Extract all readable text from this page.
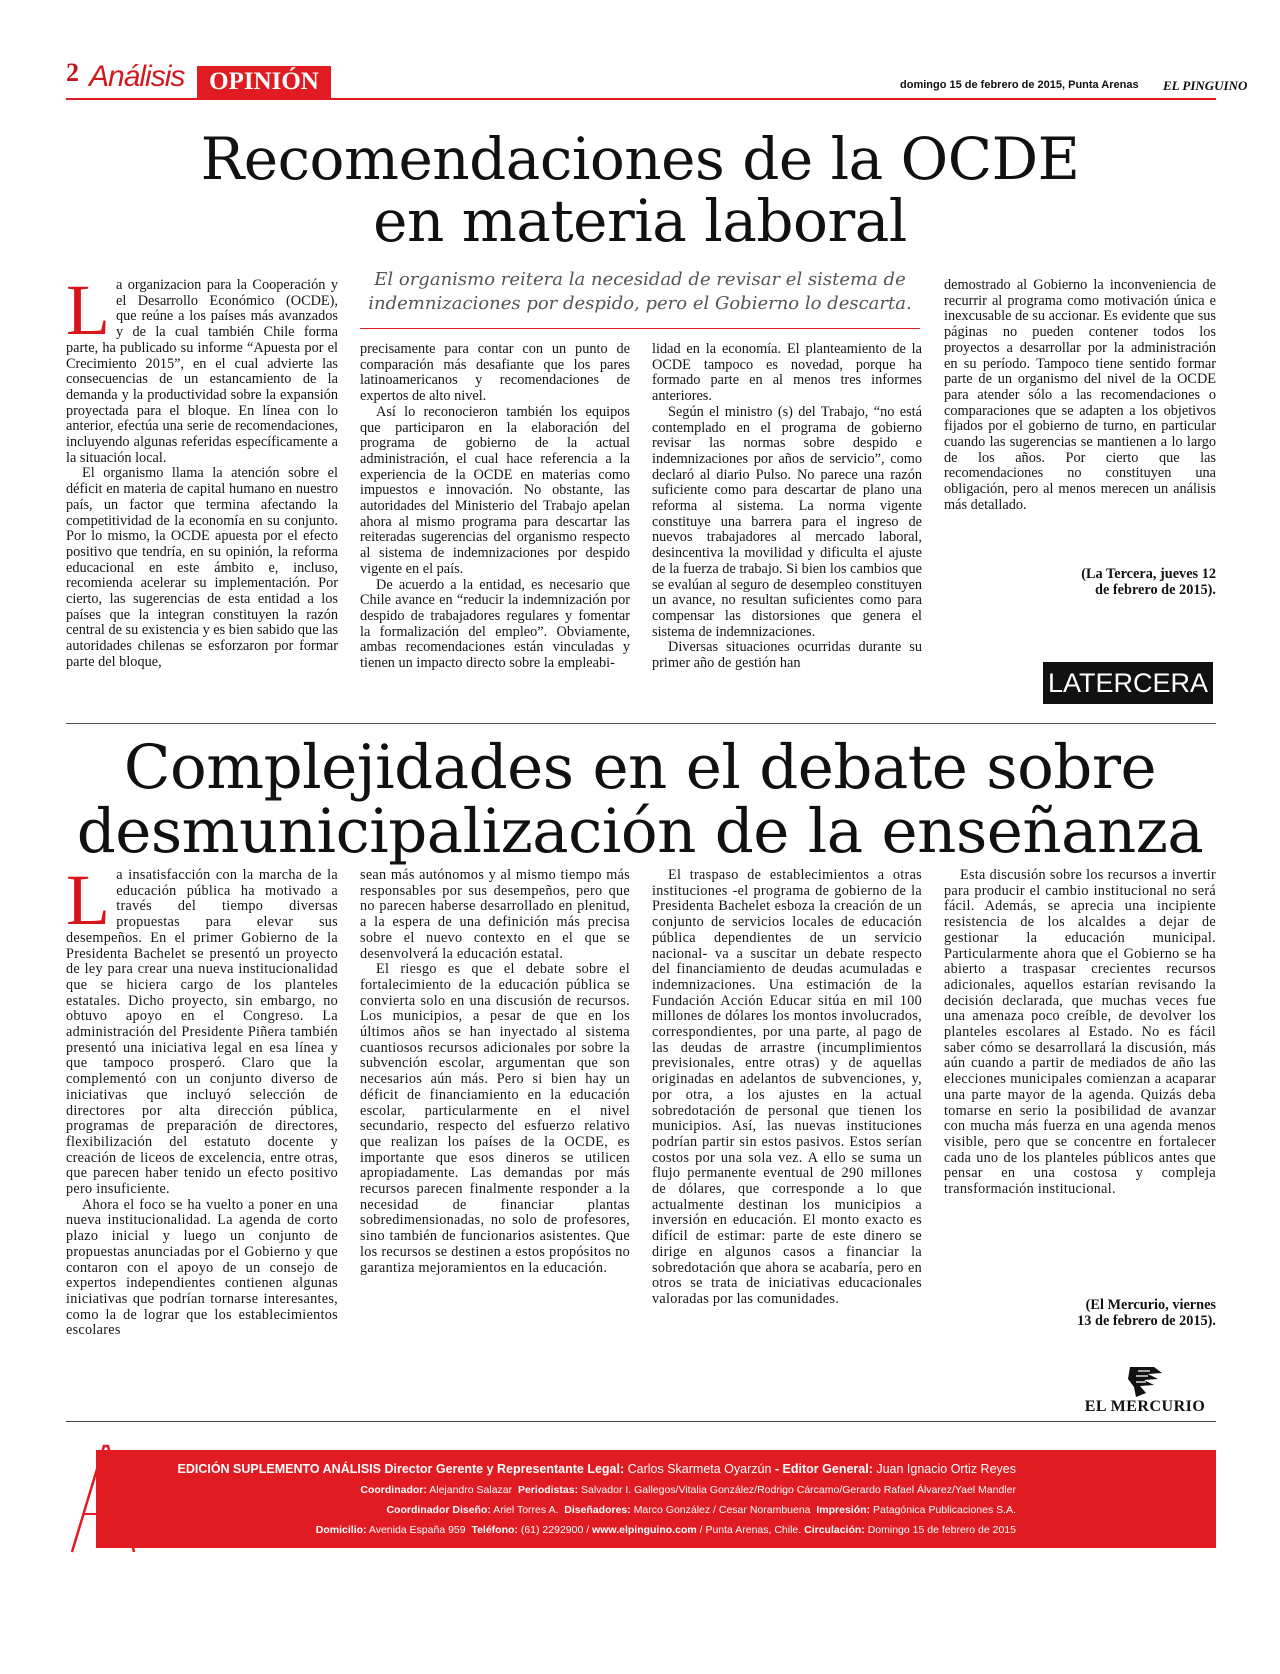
2 Análisis OPINIÓN	domingo 15 de febrero de 2015, Punta Arenas EL PINGUINO
Recomendaciones de la OCDE
en materia laboral
El organismo reitera la necesidad de revisar el sistema de indemnizaciones por despido, pero el Gobierno lo descarta.

La organizacion para la Cooperación y el Desarrollo Económico (OCDE), que reúne a los países más avanzados y de la cual también Chile forma parte, ha publicado su informe “Apuesta por el Crecimiento 2015”, en el cual advierte las consecuencias de un estancamiento de la demanda y la productividad sobre la expansión proyectada para el bloque. En línea con lo anterior, efectúa una serie de recomendaciones, incluyendo algunas referidas específicamente a la situación local.

El organismo llama la atención sobre el déficit en materia de capital humano en nuestro país, un factor que termina afectando la competitividad de la economía en su conjunto. Por lo mismo, la OCDE apuesta por el efecto positivo que tendría, en su opinión, la reforma educacional en este ámbito e, incluso, recomienda acelerar su implementación. Por cierto, las sugerencias de esta entidad a los países que la integran constituyen la razón central de su existencia y es bien sabido que las autoridades chilenas se esforzaron por formar parte del bloque,

precisamente para contar con un punto de comparación más desafiante que los pares latinoamericanos y recomendaciones de expertos de alto nivel.

Así lo reconocieron también los equipos que participaron en la elaboración del programa de gobierno de la actual administración, el cual hace referencia a la experiencia de la OCDE en materias como impuestos e innovación. No obstante, las autoridades del Ministerio del Trabajo apelan ahora al mismo programa para descartar las reiteradas sugerencias del organismo respecto al sistema de indemnizaciones por despido vigente en el país.

De acuerdo a la entidad, es necesario que Chile avance en “reducir la indemnización por despido de trabajadores regulares y fomentar la formalización del empleo”. Obviamente, ambas recomendaciones están vinculadas y tienen un impacto directo sobre la empleabi-

lidad en la economía. El planteamiento de la OCDE tampoco es novedad, porque ha formado parte en al menos tres informes anteriores.

Según el ministro (s) del Trabajo, “no está contemplado en el programa de gobierno revisar las normas sobre despido e indemnizaciones por años de servicio”, como declaró al diario Pulso. No parece una razón suficiente como para descartar de plano una reforma al sistema. La norma vigente constituye una barrera para el ingreso de nuevos trabajadores al mercado laboral, desincentiva la movilidad y dificulta el ajuste de la fuerza de trabajo. Si bien los cambios que se evalúan al seguro de desempleo constituyen un avance, no resultan suficientes como para compensar las distorsiones que genera el sistema de indemnizaciones.

Diversas situaciones ocurridas durante su primer año de gestión han

demostrado al Gobierno la inconveniencia de recurrir al programa como motivación única e inexcusable de su accionar. Es evidente que sus páginas no pueden contener todos los proyectos a desarrollar por la administración en su período. Tampoco tiene sentido formar parte de un organismo del nivel de la OCDE para atender sólo a las recomendaciones o comparaciones que se adapten a los objetivos fijados por el gobierno de turno, en particular cuando las sugerencias se mantienen a lo largo de los años. Por cierto que las recomendaciones no constituyen una obligación, pero al menos merecen un análisis más detallado.

(La Tercera, jueves 12
de febrero de 2015).
LATERCERA
Complejidades en el debate sobre
desmunicipalización de la enseñanza

La insatisfacción con la marcha de la educación pública ha motivado a través del tiempo diversas propuestas para elevar sus desempeños. En el primer Gobierno de la Presidenta Bachelet se presentó un proyecto de ley para crear una nueva institucionalidad que se hiciera cargo de los planteles estatales. Dicho proyecto, sin embargo, no obtuvo apoyo en el Congreso. La administración del Presidente Piñera también presentó una iniciativa legal en esa línea y que tampoco prosperó. Claro que la complementó con un conjunto diverso de iniciativas que incluyó selección de directores por alta dirección pública, programas de preparación de directores, flexibilización del estatuto docente y creación de liceos de excelencia, entre otras, que parecen haber tenido un efecto positivo pero insuficiente.

Ahora el foco se ha vuelto a poner en una nueva institucionalidad. La agenda de corto plazo inicial y luego un conjunto de propuestas anunciadas por el Gobierno y que contaron con el apoyo de un consejo de expertos independientes contienen algunas iniciativas que podrían tornarse interesantes, como la de lograr que los establecimientos escolares

sean más autónomos y al mismo tiempo más responsables por sus desempeños, pero que no parecen haberse desarrollado en plenitud, a la espera de una definición más precisa sobre el nuevo contexto en el que se desenvolverá la educación estatal.

El riesgo es que el debate sobre el fortalecimiento de la educación pública se convierta solo en una discusión de recursos. Los municipios, a pesar de que en los últimos años se han inyectado al sistema cuantiosos recursos adicionales por sobre la subvención escolar, argumentan que son necesarios aún más. Pero si bien hay un déficit de financiamiento en la educación escolar, particularmente en el nivel secundario, respecto del esfuerzo relativo que realizan los países de la OCDE, es importante que esos dineros se utilicen apropiadamente. Las demandas por más recursos parecen finalmente responder a la necesidad de financiar plantas sobredimensionadas, no solo de profesores, sino también de funcionarios asistentes. Que los recursos se destinen a estos propósitos no garantiza mejoramientos en la educación.

El traspaso de establecimientos a otras instituciones -el programa de gobierno de la Presidenta Bachelet esboza la creación de un conjunto de servicios locales de educación pública dependientes de un servicio nacional- va a suscitar un debate respecto del financiamiento de deudas acumuladas e indemnizaciones. Una estimación de la Fundación Acción Educar sitúa en mil 100 millones de dólares los montos involucrados, correspondientes, por una parte, al pago de las deudas de arrastre (incumplimientos previsionales, entre otras) y de aquellas originadas en adelantos de subvenciones, y, por otra, a los ajustes en la actual sobredotación de personal que tienen los municipios. Así, las nuevas instituciones podrían partir sin estos pasivos. Estos serían costos por una sola vez. A ello se suma un flujo permanente eventual de 290 millones de dólares, que corresponde a lo que actualmente destinan los municipios a inversión en educación. El monto exacto es difícil de estimar: parte de este dinero se dirige en algunos casos a financiar la sobredotación que ahora se acabaría, pero en otros se trata de iniciativas educacionales valoradas por las comunidades.

Esta discusión sobre los recursos a invertir para producir el cambio institucional no será fácil. Además, se aprecia una incipiente resistencia de los alcaldes a dejar de gestionar la educación municipal. Particularmente ahora que el Gobierno se ha abierto a traspasar crecientes recursos adicionales, aquellos estarían revisando la decisión declarada, que muchas veces fue una amenaza poco creíble, de devolver los planteles escolares al Estado. No es fácil saber cómo se desarrollará la discusión, más aún cuando a partir de mediados de año las elecciones municipales comienzan a acaparar una parte mayor de la agenda. Quizás deba tomarse en serio la posibilidad de avanzar con mucha más fuerza en una agenda menos visible, pero que se concentre en fortalecer cada uno de los planteles públicos antes que pensar en una costosa y compleja transformación institucional.

(El Mercurio, viernes
13 de febrero de 2015).
EL MERCURIO
EDICIÓN SUPLEMENTO ANÁLISIS Director Gerente y Representante Legal: Carlos Skarmeta Oyarzún - Editor General: Juan Ignacio Ortiz Reyes
Coordinador: Alejandro Salazar Periodistas: Salvador I. Gallegos/Vitalia González/Rodrigo Cárcamo/Gerardo Rafael Álvarez/Yael Mandler
Coordinador Diseño: Ariel Torres A. Diseñadores: Marco González / Cesar Norambuena Impresión: Patagónica Publicaciones S.A.
Domicilio: Avenida España 959 Teléfono: (61) 2292900 / www.elpinguino.com / Punta Arenas, Chile. Circulación: Domingo 15 de febrero de 2015
